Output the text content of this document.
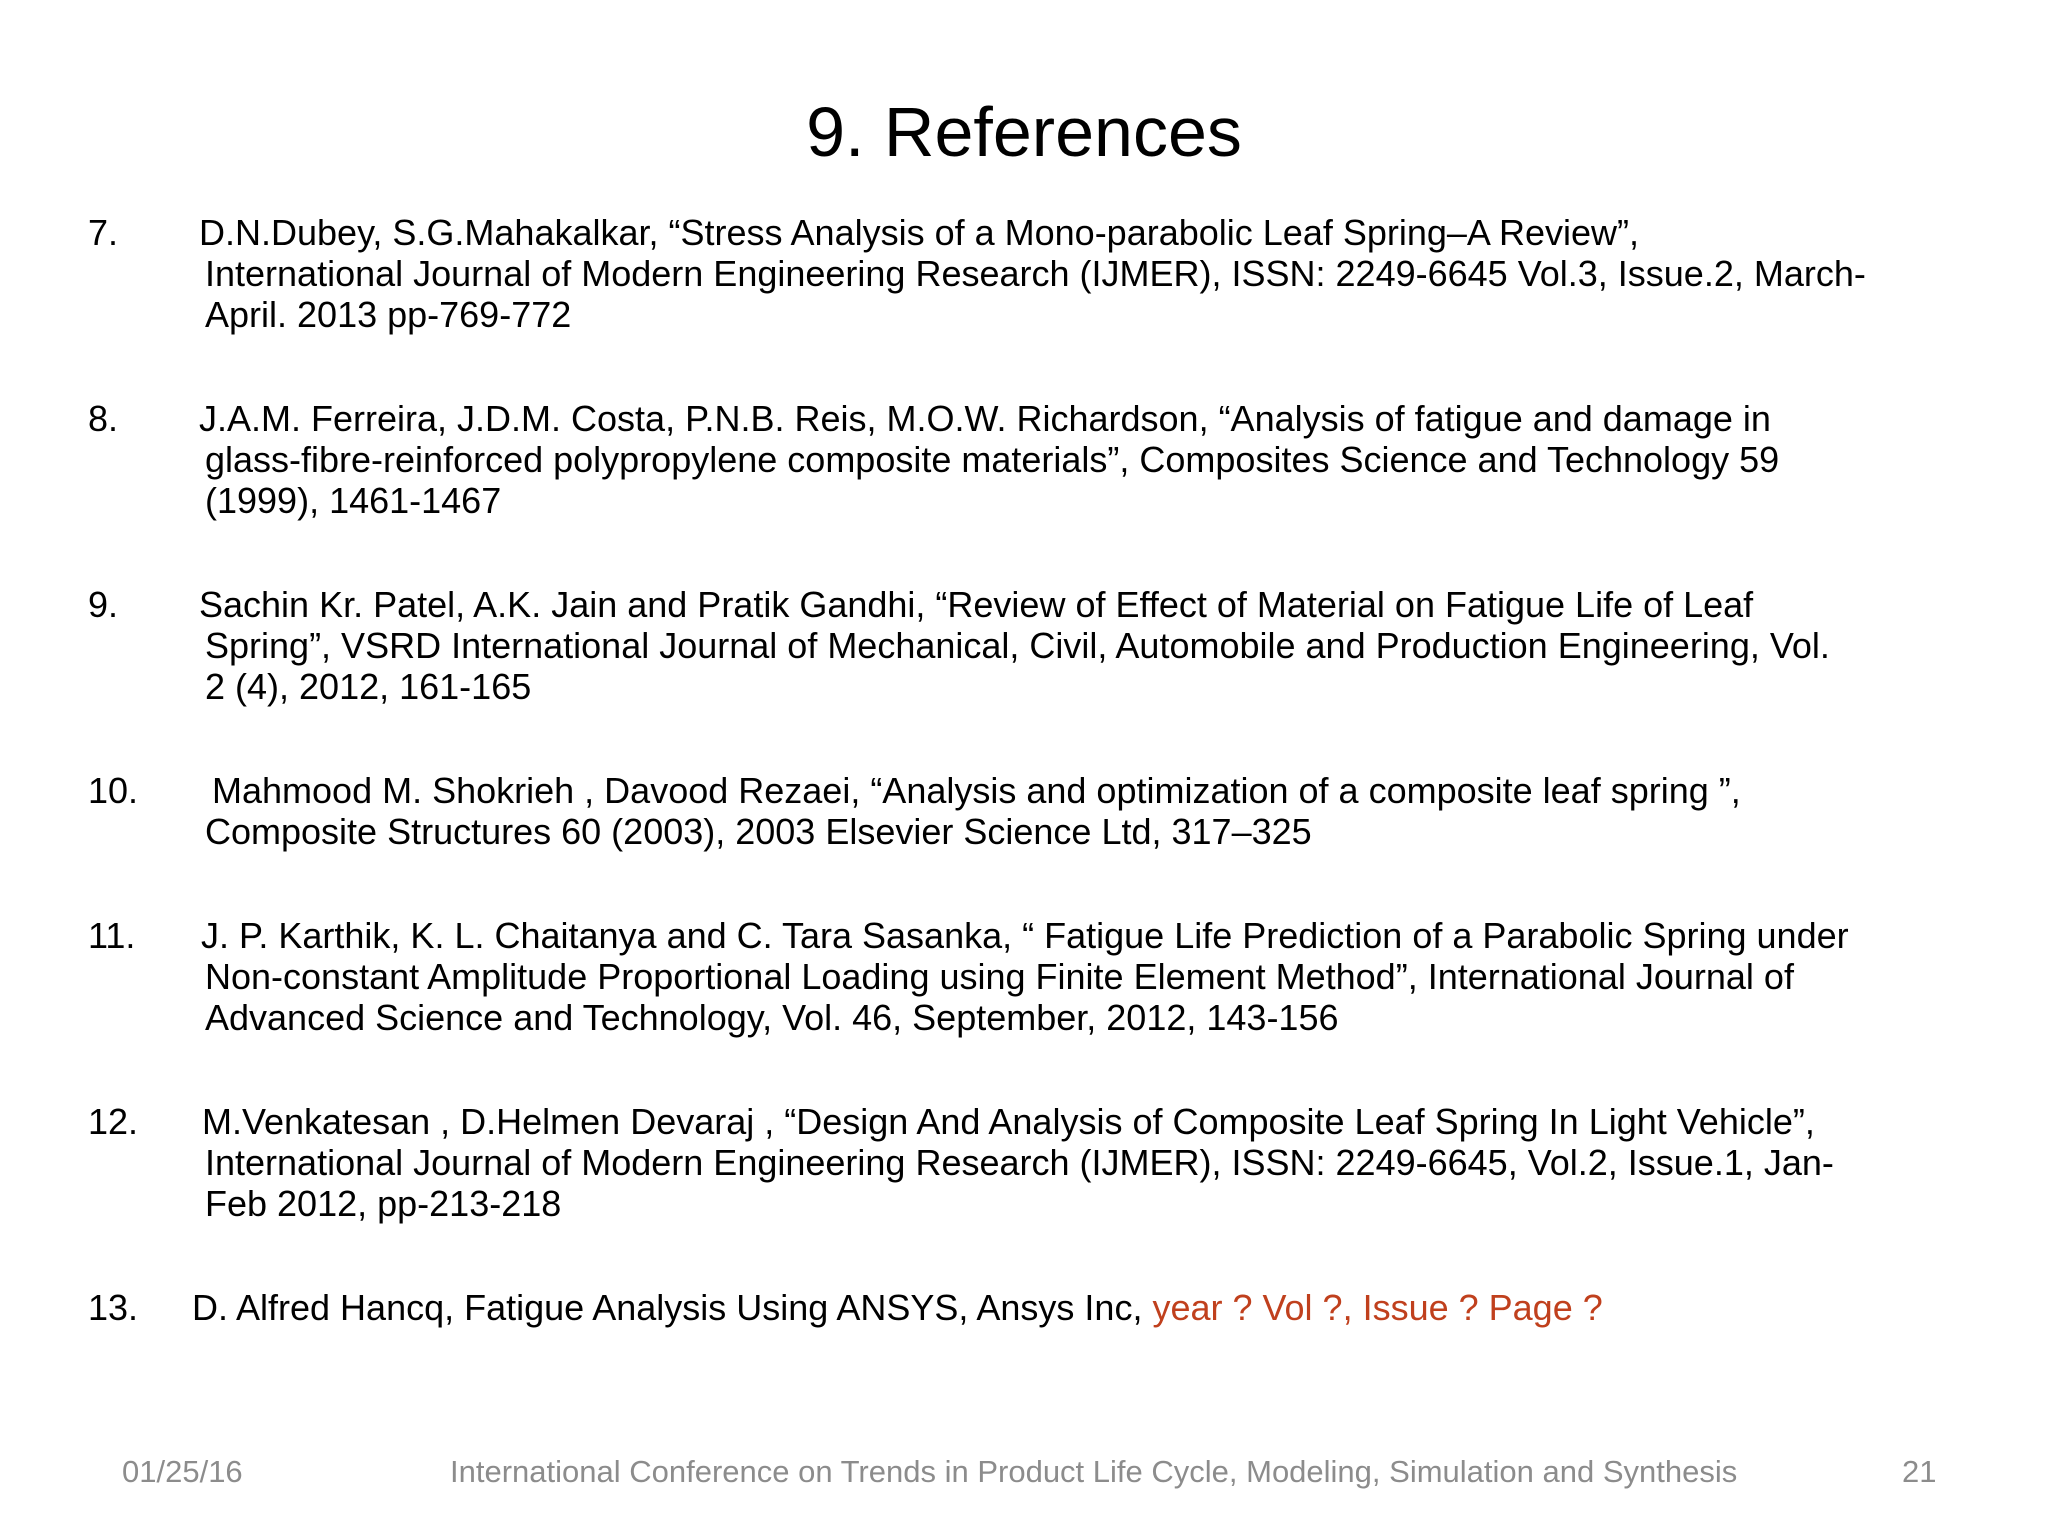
9. References
7.	D.N.Dubey, S.G.Mahakalkar, “Stress Analysis of a Mono-parabolic Leaf Spring–A Review”,
International Journal of Modern Engineering Research (IJMER), ISSN: 2249-6645 Vol.3, Issue.2, March-
April. 2013 pp-769-772
8.	J.A.M. Ferreira, J.D.M. Costa, P.N.B. Reis, M.O.W. Richardson, “Analysis of fatigue and damage in
glass-fibre-reinforced polypropylene composite materials”, Composites Science and Technology 59
(1999), 1461-1467
9.	Sachin Kr. Patel, A.K. Jain and Pratik Gandhi, “Review of Effect of Material on Fatigue Life of Leaf
Spring”, VSRD International Journal of Mechanical, Civil, Automobile and Production Engineering, Vol.
2 (4), 2012, 161-165
10.	Mahmood M. Shokrieh , Davood Rezaei, “Analysis and optimization of a composite leaf spring ”,
Composite Structures 60 (2003), 2003 Elsevier Science Ltd, 317–325
11.	J. P. Karthik, K. L. Chaitanya and C. Tara Sasanka, “ Fatigue Life Prediction of a Parabolic Spring under
Non-constant Amplitude Proportional Loading using Finite Element Method”, International Journal of
Advanced Science and Technology, Vol. 46, September, 2012, 143-156
12.	M.Venkatesan , D.Helmen Devaraj , “Design And Analysis of Composite Leaf Spring In Light Vehicle”,
International Journal of Modern Engineering Research (IJMER), ISSN: 2249-6645, Vol.2, Issue.1, Jan-
Feb 2012, pp-213-218
13.	D. Alfred Hancq, Fatigue Analysis Using ANSYS, Ansys Inc, year ? Vol ?, Issue ? Page ?
01/25/16	International Conference on Trends in Product Life Cycle, Modeling, Simulation and Synthesis	21
